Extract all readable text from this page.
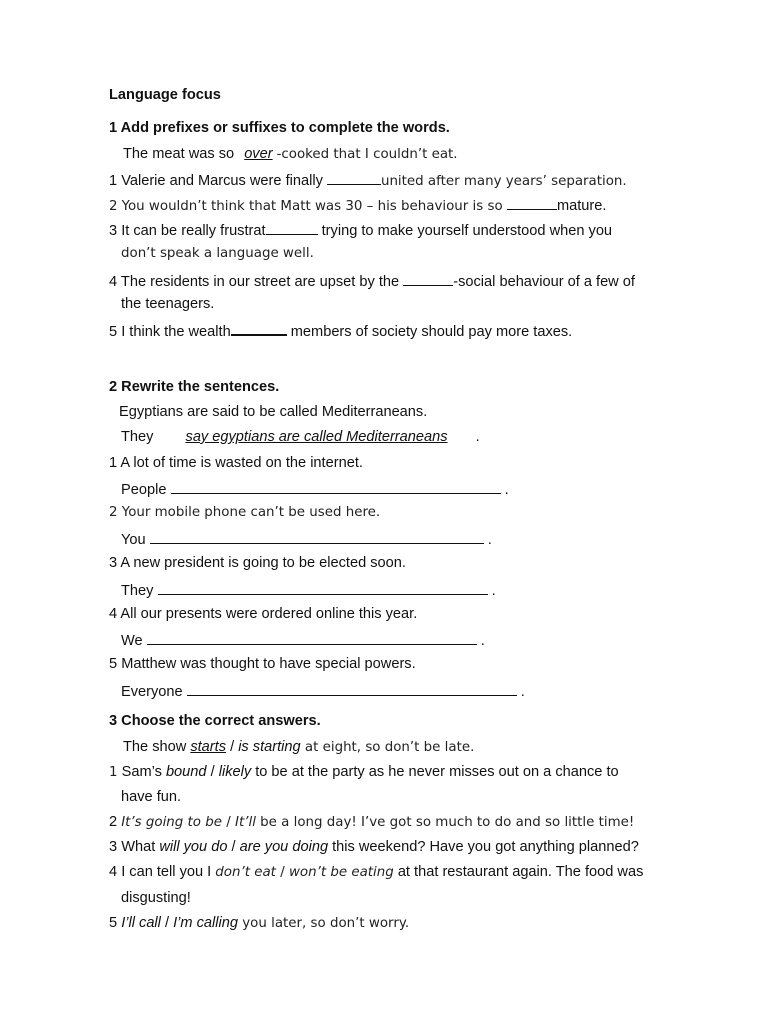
Language focus
1 Add prefixes or suffixes to complete the words.
The meat was so over -cooked that I couldn’t eat.
1 Valerie and Marcus were finally	united after many years’ separation.
2 You wouldn’t think that Matt was 30 – his behaviour is so	mature.
3 It can be really frustrat	trying to make yourself understood when you
don’t speak a language well.
4 The residents in our street are upset by the	-social behaviour of a few of
the teenagers.
5 I think the wealth	members of society should pay more taxes.
2 Rewrite the sentences.
Egyptians are said to be called Mediterraneans.
They say egyptians are called Mediterraneans .
1 A lot of time is wasted on the internet.
People	.
2 Your mobile phone can’t be used here.
You	.
3 A new president is going to be elected soon.
They	.
4 All our presents were ordered online this year.
We	.
5 Matthew was thought to have special powers.
Everyone	.
3 Choose the correct answers.
The show starts / is starting at eight, so don’t be late.
1 Sam’s bound / likely to be at the party as he never misses out on a chance to
have fun.
2 It’s going to be / It’ll be a long day! I’ve got so much to do and so little time!
3 What will you do / are you doing this weekend? Have you got anything planned?
4 I can tell you I don’t eat / won’t be eating at that restaurant again. The food was
disgusting!
5 I’ll call / I’m calling you later, so don’t worry.
